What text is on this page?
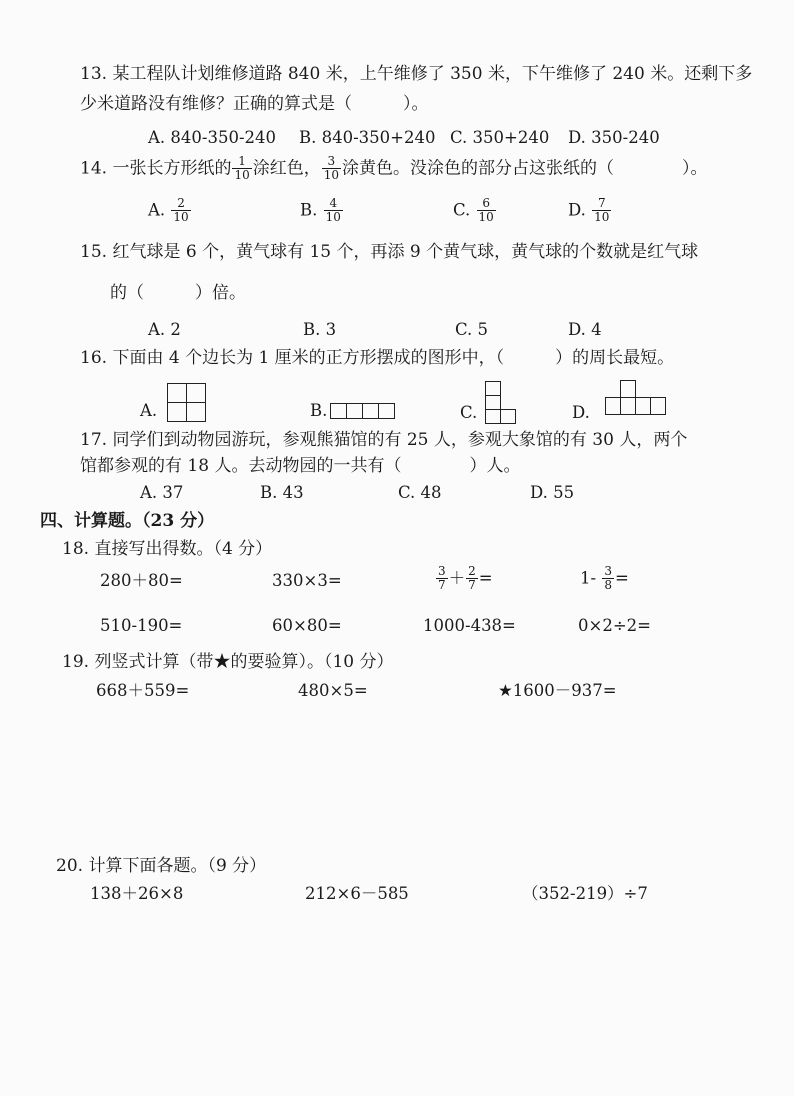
13. 某工程队计划维修道路 840 米，上午维修了 350 米，下午维修了 240 米。还剩下多
少米道路没有维修？正确的算式是（　　　）。
A. 840-350-240 B. 840-350+240 C. 350+240 D. 350-240
14. 一张长方形纸的 $\frac{1}{10}$ 涂红色， $\frac{3}{10}$ 涂黄色。没涂色的部分占这张纸的（　　　　）。
A. $\frac{2}{10}$	B. $\frac{4}{10}$	C. $\frac{6}{10}$	D. $\frac{7}{10}$
15. 红气球是 6 个，黄气球有 15 个，再添 9 个黄气球，黄气球的个数就是红气球
的（　　　）倍。
A. 2	B. 3	C. 5	D. 4
16. 下面由 4 个边长为 1 厘米的正方形摆成的图形中，（　　　）的周长最短。
A.	B.	C.	D.
17. 同学们到动物园游玩，参观熊猫馆的有 25 人，参观大象馆的有 30 人，两个
馆都参观的有 18 人。去动物园的一共有（　　　　）人。
A. 37	B. 43	C. 48	D. 55
四、计算题。（23 分）
18. 直接写出得数。（4 分）
280＋80=	330×3=	$\frac{3}{7} + \frac{2}{7}$ =	$1- \frac{3}{8}$ =
510-190=	60×80=	1000-438=	0×2÷2=
19. 列竖式计算（带★的要验算）。（10 分）
668＋559=	480×5=	★1600－937=
20. 计算下面各题。（9 分）
138＋26×8	212×6－585	（352-219）÷7
